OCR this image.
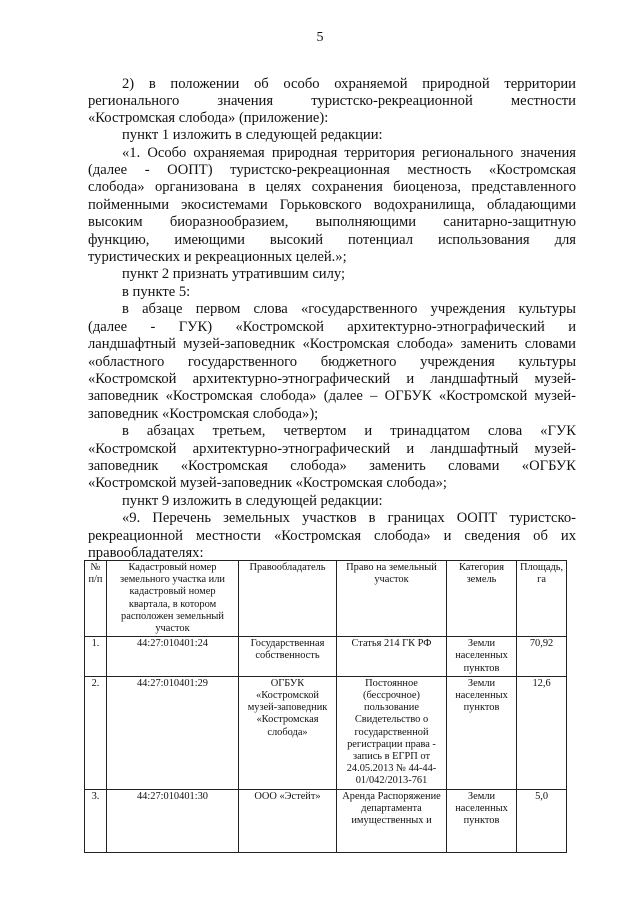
5
2) в положении об особо охраняемой природной территории
регионального значения туристско-рекреационной местности
«Костромская слобода» (приложение):
пункт 1 изложить в следующей редакции:
«1. Особо охраняемая природная территория регионального значения
(далее - ООПТ) туристско-рекреационная местность «Костромская
слобода» организована в целях сохранения биоценоза, представленного
пойменными экосистемами Горьковского водохранилища, обладающими
высоким биоразнообразием, выполняющими санитарно-защитную
функцию, имеющими высокий потенциал использования для
туристических и рекреационных целей.»;
пункт 2 признать утратившим силу;
в пункте 5:
в абзаце первом слова «государственного учреждения культуры
(далее - ГУК) «Костромской архитектурно-этнографический и
ландшафтный музей-заповедник «Костромская слобода» заменить словами
«областного государственного бюджетного учреждения культуры
«Костромской архитектурно-этнографический и ландшафтный музей-
заповедник «Костромская слобода» (далее – ОГБУК «Костромской музей-
заповедник «Костромская слобода»);
в абзацах третьем, четвертом и тринадцатом слова «ГУК
«Костромской архитектурно-этнографический и ландшафтный музей-
заповедник «Костромская слобода» заменить словами «ОГБУК
«Костромской музей-заповедник «Костромская слобода»;
пункт 9 изложить в следующей редакции:
«9. Перечень земельных участков в границах ООПТ туристско-
рекреационной местности «Костромская слобода» и сведения об их
правообладателях:
№ п/п	Кадастровый номер земельного участка или кадастровый номер квартала, в котором расположен земельный участок	Правообладатель	Право на земельный участок	Категория земель	Площадь, га
1.	44:27:010401:24	Государственная собственность	Статья 214 ГК РФ	Земли населенных пунктов	70,92
2.	44:27:010401:29	ОГБУК «Костромской музей-заповедник «Костромская слобода»	Постоянное (бессрочное) пользование Свидетельство о государственной регистрации права - запись в ЕГРП от 24.05.2013 № 44-44-01/042/2013-761	Земли населенных пунктов	12,6
3.	44:27:010401:30	ООО «Эстейт»	Аренда Распоряжение департамента имущественных и	Земли населенных пунктов	5,0
